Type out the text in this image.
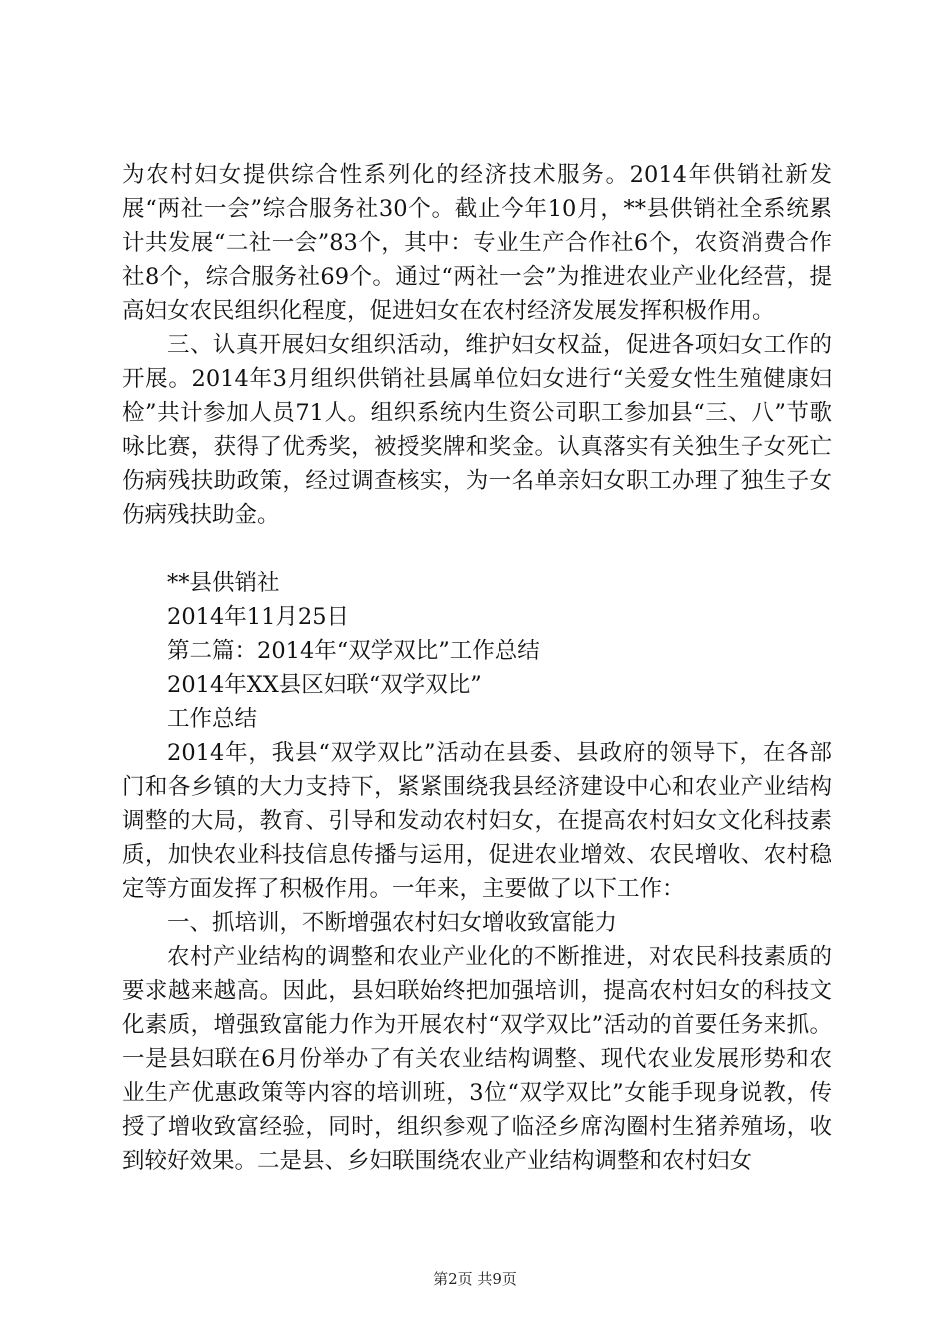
为农村妇女提供综合性系列化的经济技术服务。2014年供销社新发展“两社一会”综合服务社30个。截止今年10月，**县供销社全系统累计共发展“二社一会”83个，其中：专业生产合作社6个，农资消费合作社8个，综合服务社69个。通过“两社一会”为推进农业产业化经营，提高妇女农民组织化程度，促进妇女在农村经济发展发挥积极作用。

三、认真开展妇女组织活动，维护妇女权益，促进各项妇女工作的开展。2014年3月组织供销社县属单位妇女进行“关爱女性生殖健康妇检”共计参加人员71人。组织系统内生资公司职工参加县“三、八”节歌咏比赛，获得了优秀奖，被授奖牌和奖金。认真落实有关独生子女死亡伤病残扶助政策，经过调查核实，为一名单亲妇女职工办理了独生子女伤病残扶助金。

**县供销社

2014年11月25日

第二篇：2014年“双学双比”工作总结

2014年XX县区妇联“双学双比”

工作总结

2014年，我县“双学双比”活动在县委、县政府的领导下，在各部门和各乡镇的大力支持下，紧紧围绕我县经济建设中心和农业产业结构调整的大局，教育、引导和发动农村妇女，在提高农村妇女文化科技素质，加快农业科技信息传播与运用，促进农业增效、农民增收、农村稳定等方面发挥了积极作用。一年来，主要做了以下工作：

一、抓培训，不断增强农村妇女增收致富能力

农村产业结构的调整和农业产业化的不断推进，对农民科技素质的要求越来越高。因此，县妇联始终把加强培训，提高农村妇女的科技文化素质，增强致富能力作为开展农村“双学双比”活动的首要任务来抓。一是县妇联在6月份举办了有关农业结构调整、现代农业发展形势和农业生产优惠政策等内容的培训班，3位“双学双比”女能手现身说教，传授了增收致富经验，同时，组织参观了临泾乡席沟圈村生猪养殖场，收到较好效果。二是县、乡妇联围绕农业产业结构调整和农村妇女

第2页 共9页
